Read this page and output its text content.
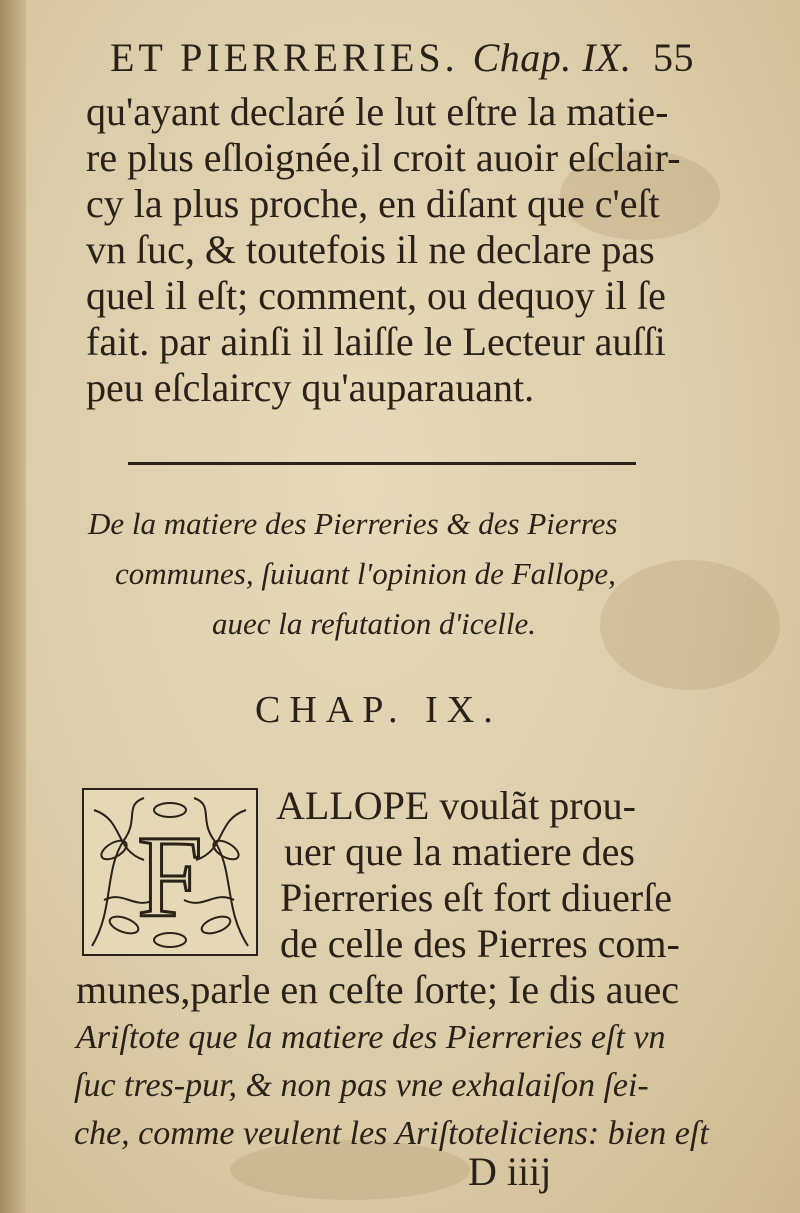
ET PIERRERIES. Chap. IX. 55
qu'ayant declaré le lut eſtre la matie-
re plus eſloignée,il croit auoir eſclair-
cy la plus proche, en diſant que c'eſt
vn ſuc, & toutefois il ne declare pas
quel il eſt; comment, ou dequoy il ſe
fait. par ainſi il laiſſe le Lecteur auſſi
peu eſclaircy qu'auparauant.
De la matiere des Pierreries & des Pierres
communes, ſuiuant l'opinion de Fallope,
auec la refutation d'icelle.
CHAP. IX.
F
ALLOPE voulãt prou-
uer que la matiere des
Pierreries eſt fort diuerſe
de celle des Pierres com-
munes,parle en ceſte ſorte; Ie dis auec
Ariſtote que la matiere des Pierreries eſt vn
ſuc tres-pur, & non pas vne exhalaiſon ſei-
che, comme veulent les Ariſtoteliciens: bien eſt
D iiij
